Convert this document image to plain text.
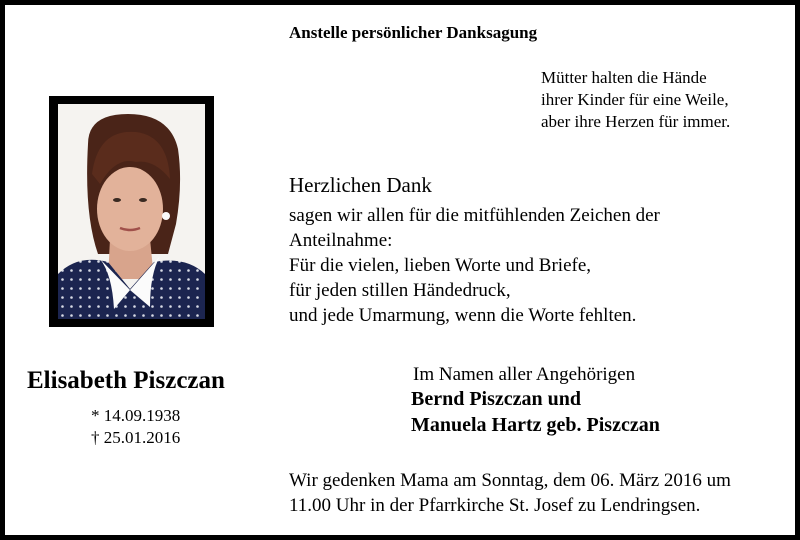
Anstelle persönlicher Danksagung
Mütter halten die Hände
ihrer Kinder für eine Weile,
aber ihre Herzen für immer.
Herzlichen Dank
sagen wir allen für die mitfühlenden Zeichen der
Anteilnahme:
Für die vielen, lieben Worte und Briefe,
für jeden stillen Händedruck,
und jede Umarmung, wenn die Worte fehlten.
Elisabeth Piszczan
* 14.09.1938
† 25.01.2016
Im Namen aller Angehörigen
Bernd Piszczan und
Manuela Hartz geb. Piszczan
Wir gedenken Mama am Sonntag, dem 06. März 2016 um
11.00 Uhr in der Pfarrkirche St. Josef zu Lendringsen.
